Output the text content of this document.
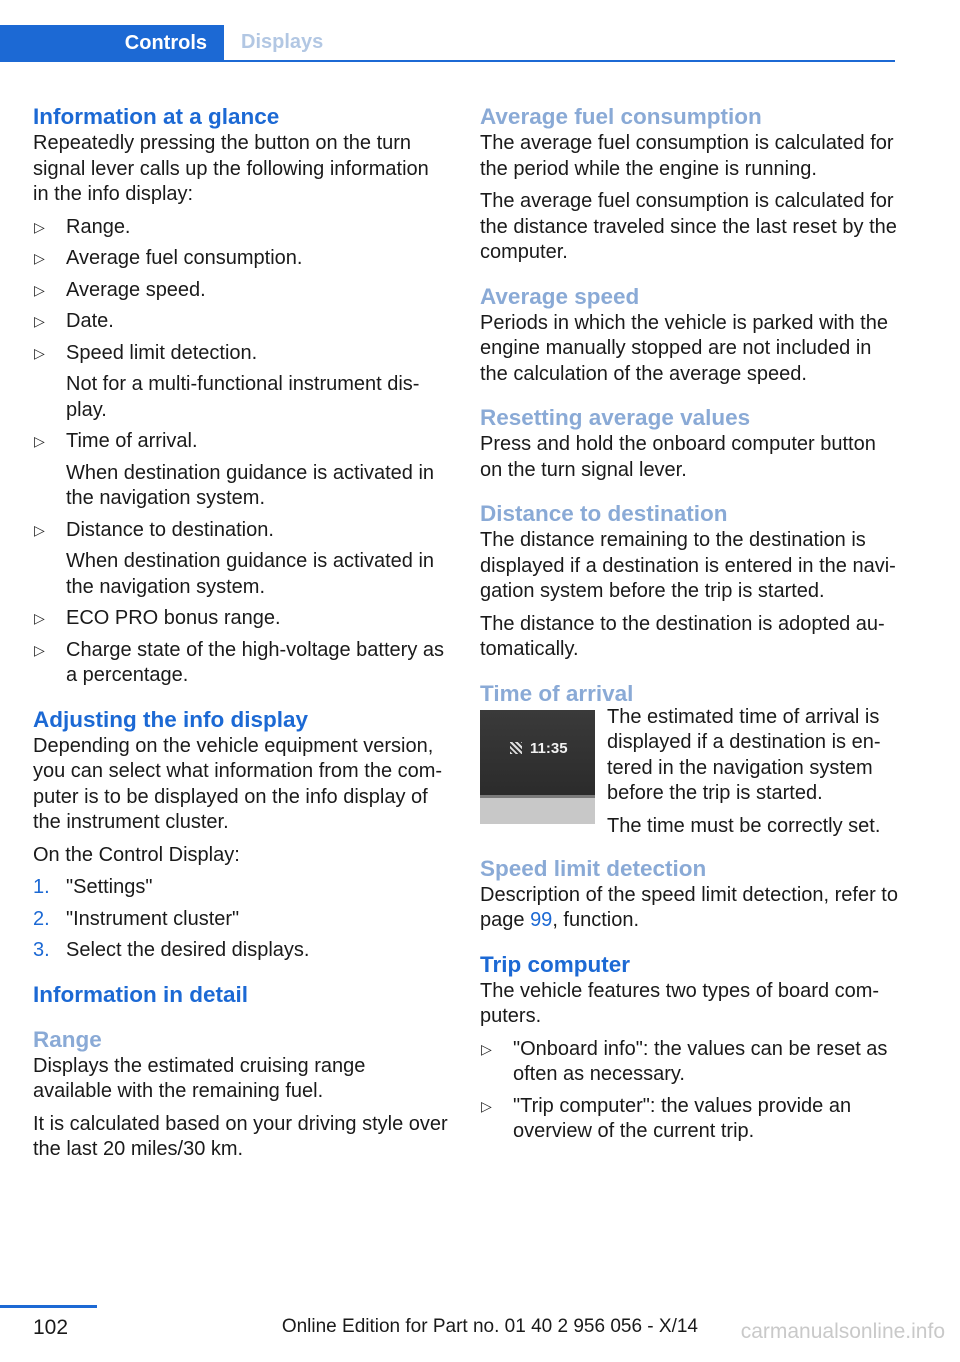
Controls	Displays
Information at a glance

Repeatedly pressing the button on the turn signal lever calls up the following information in the info display:

▷ Range.
▷ Average fuel consumption.
▷ Average speed.
▷ Date.
▷ Speed limit detection.
Not for a multi-functional instrument dis-play.
▷ Time of arrival.
When destination guidance is activated in the navigation system.
▷ Distance to destination.
When destination guidance is activated in the navigation system.
▷ ECO PRO bonus range.
▷ Charge state of the high-voltage battery as a percentage.
Adjusting the info display

Depending on the vehicle equipment version, you can select what information from the com-puter is to be displayed on the info display of the instrument cluster.

On the Control Display:

1. "Settings"
2. "Instrument cluster"
3. Select the desired displays.
Information in detail
Range

Displays the estimated cruising range available with the remaining fuel.

It is calculated based on your driving style over the last 20 miles/30 km.

Average fuel consumption

The average fuel consumption is calculated for the period while the engine is running.

The average fuel consumption is calculated for the distance traveled since the last reset by the computer.

Average speed

Periods in which the vehicle is parked with the engine manually stopped are not included in the calculation of the average speed.

Resetting average values

Press and hold the onboard computer button on the turn signal lever.

Distance to destination

The distance remaining to the destination is displayed if a destination is entered in the navi-gation system before the trip is started.

The distance to the destination is adopted au-tomatically.

Time of arrival
11:35

The estimated time of arrival is displayed if a destination is en-tered in the navigation system before the trip is started.

The time must be correctly set.

Speed limit detection

Description of the speed limit detection, refer to page 99, function.

Trip computer

The vehicle features two types of board com-puters.

▷ "Onboard info": the values can be reset as often as necessary.
▷ "Trip computer": the values provide an overview of the current trip.
102	Online Edition for Part no. 01 40 2 956 056 - X/14 carmanualsonline.info
